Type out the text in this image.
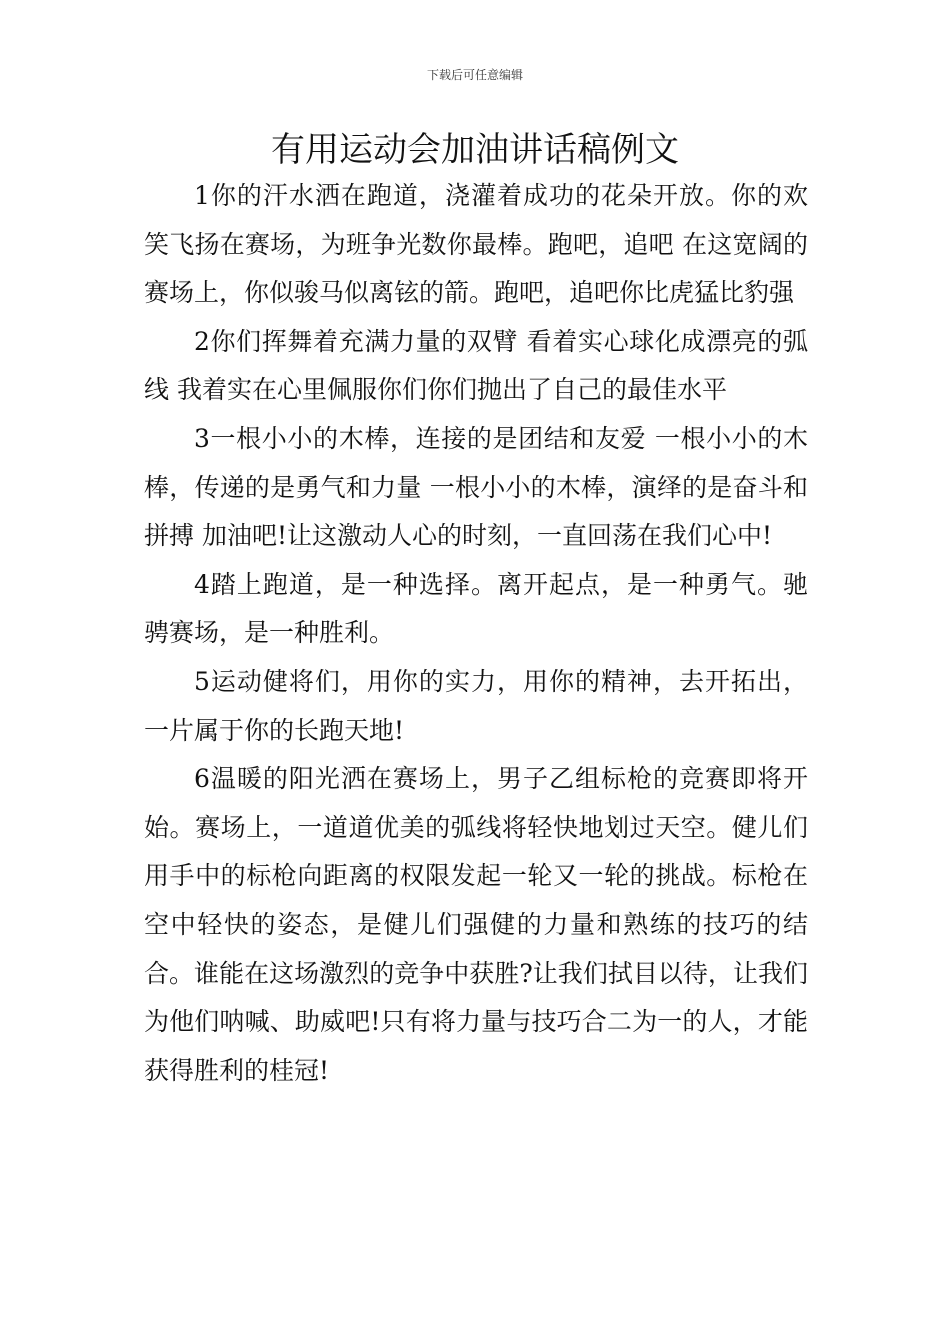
下载后可任意编辑
有用运动会加油讲话稿例文

1你的汗水洒在跑道，浇灌着成功的花朵开放。你的欢笑飞扬在赛场，为班争光数你最棒。跑吧，追吧 在这宽阔的赛场上，你似骏马似离铉的箭。跑吧，追吧你比虎猛比豹强

2你们挥舞着充满力量的双臂 看着实心球化成漂亮的弧线 我着实在心里佩服你们你们抛出了自己的最佳水平

3一根小小的木棒，连接的是团结和友爱 一根小小的木棒，传递的是勇气和力量 一根小小的木棒，演绎的是奋斗和拼搏 加油吧!让这激动人心的时刻，一直回荡在我们心中!

4踏上跑道，是一种选择。离开起点，是一种勇气。驰骋赛场，是一种胜利。

5运动健将们，用你的实力，用你的精神，去开拓出，一片属于你的长跑天地!

6温暖的阳光洒在赛场上，男子乙组标枪的竞赛即将开始。赛场上，一道道优美的弧线将轻快地划过天空。健儿们用手中的标枪向距离的权限发起一轮又一轮的挑战。标枪在空中轻快的姿态，是健儿们强健的力量和熟练的技巧的结合。谁能在这场激烈的竞争中获胜?让我们拭目以待，让我们为他们呐喊、助威吧!只有将力量与技巧合二为一的人，才能获得胜利的桂冠!
